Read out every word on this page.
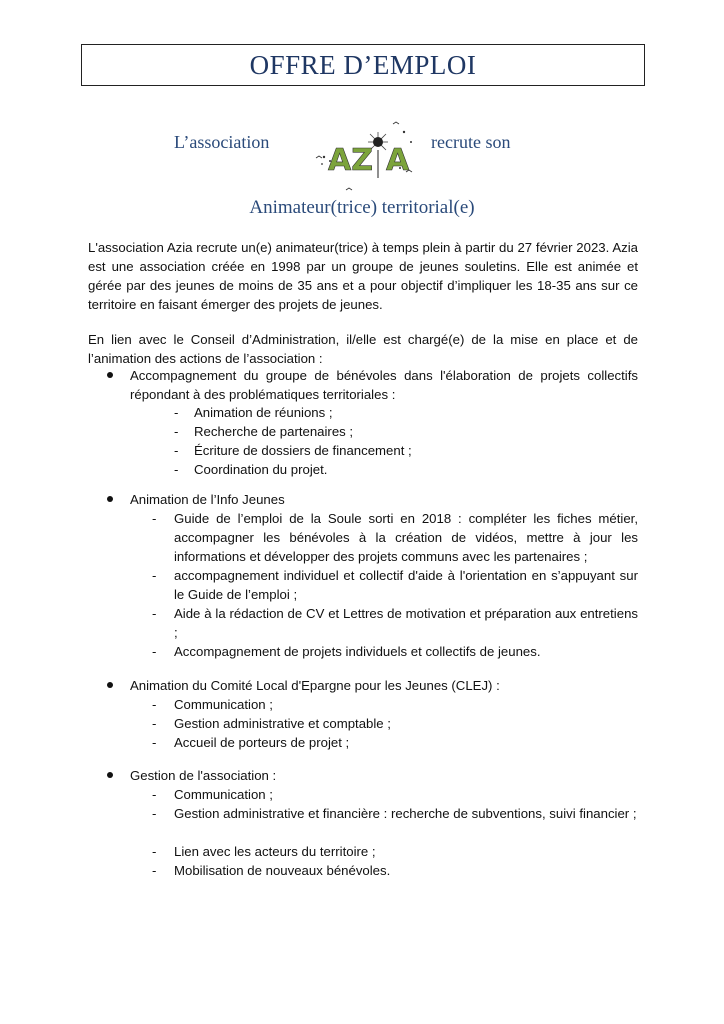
OFFRE D’EMPLOI
L’association
AZ A
recrute son
Animateur(trice) territorial(e)
L'association Azia recrute un(e) animateur(trice) à temps plein à partir du 27 février 2023. Azia est une association créée en 1998 par un groupe de jeunes souletins. Elle est animée et gérée par des jeunes de moins de 35 ans et a pour objectif d’impliquer les 18-35 ans sur ce territoire en faisant émerger des projets de jeunes.
En lien avec le Conseil d’Administration, il/elle est chargé(e) de la mise en place et de l’animation des actions de l’association :
Accompagnement du groupe de bénévoles dans l'élaboration de projets collectifs répondant à des problématiques territoriales :
- Animation de réunions ;
- Recherche de partenaires ;
- Écriture de dossiers de financement ;
- Coordination du projet.
Animation de l’Info Jeunes
- Guide de l’emploi de la Soule sorti en 2018 : compléter les fiches métier, accompagner les bénévoles à la création de vidéos, mettre à jour les informations et développer des projets communs avec les partenaires ;
- accompagnement individuel et collectif d'aide à l'orientation en s’appuyant sur le Guide de l’emploi ;
- Aide à la rédaction de CV et Lettres de motivation et préparation aux entretiens ;
- Accompagnement de projets individuels et collectifs de jeunes.
Animation du Comité Local d'Epargne pour les Jeunes (CLEJ) :
- Communication ;
- Gestion administrative et comptable ;
- Accueil de porteurs de projet ;
Gestion de l'association :
- Communication ;
- Gestion administrative et financière : recherche de subventions, suivi financier ;
- Lien avec les acteurs du territoire ;
- Mobilisation de nouveaux bénévoles.
